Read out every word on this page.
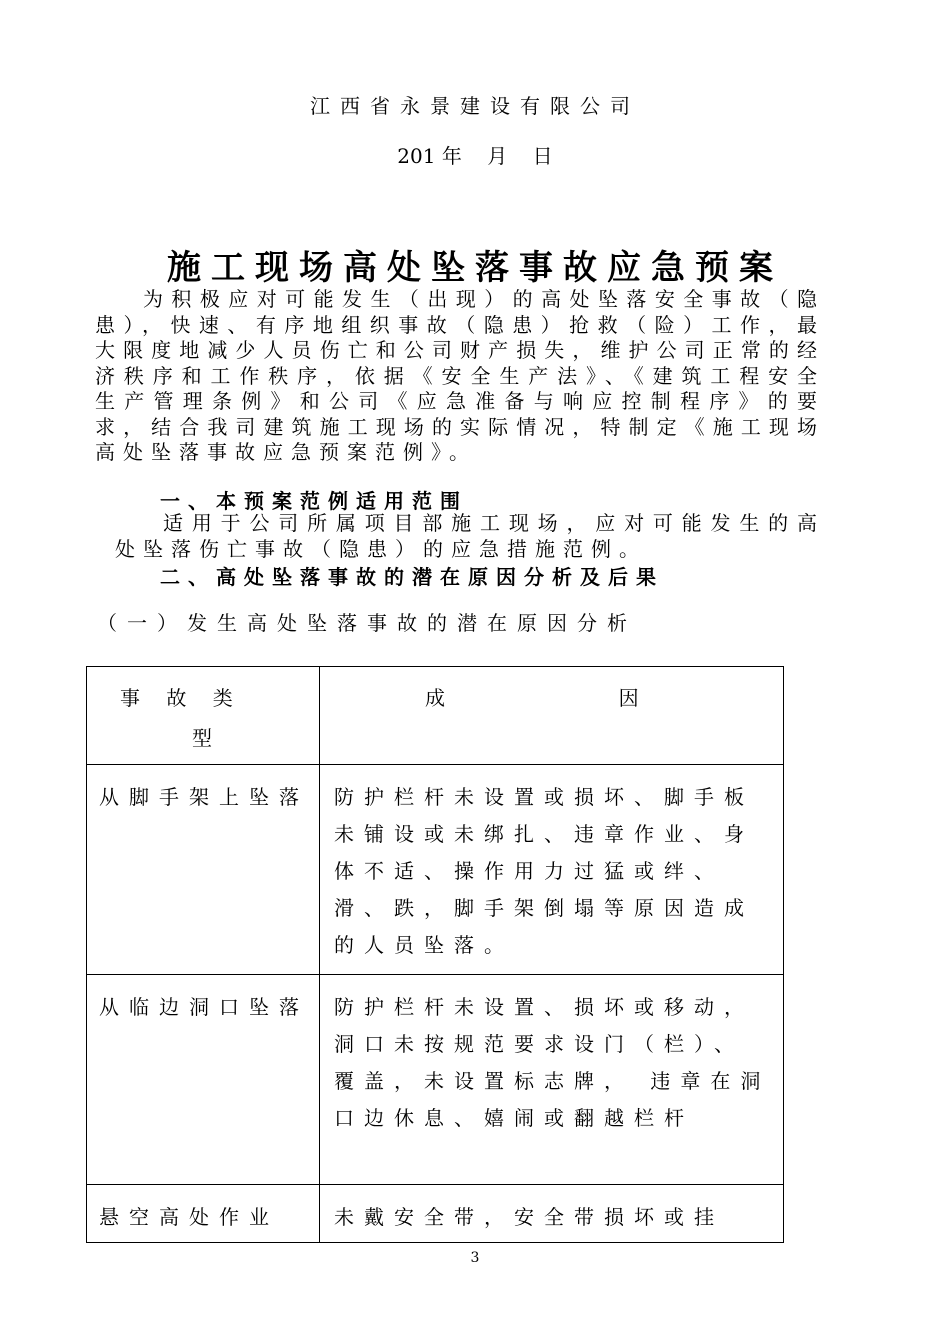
江西省永景建设有限公司
201 年    月    日
施工现场高处坠落事故应急预案
为积极应对可能发生（出现）的高处坠落安全事故（隐患），快速、有序地组织事故（隐患）抢救（险）工作，最大限度地减少人员伤亡和公司财产损失，维护公司正常的经济秩序和工作秩序，依据《安全生产法》、《建筑工程安全生产管理条例》和公司《应急准备与响应控制程序》的要求，结合我司建筑施工现场的实际情况，特制定《施工现场高处坠落事故应急预案范例》。
一、本预案范例适用范围
适用于公司所属项目部施工现场，应对可能发生的高处坠落伤亡事故（隐患）的应急措施范例。
二、高处坠落事故的潜在原因分析及后果
（一）发生高处坠落事故的潜在原因分析
事 故 类
型	成          因

从脚手架上坠落	防护栏杆未设置或损坏、脚手板未铺设或未绑扎、违章作业、身体不适、操作用力过猛或绊、滑、跌，脚手架倒塌等原因造成的人员坠落。
从临边洞口坠落	防护栏杆未设置、损坏或移动，洞口未按规范要求设门（栏）、覆盖，未设置标志牌， 违章在洞口边休息、嬉闹或翻越栏杆
悬空高处作业	未戴安全带，安全带损坏或挂
3
